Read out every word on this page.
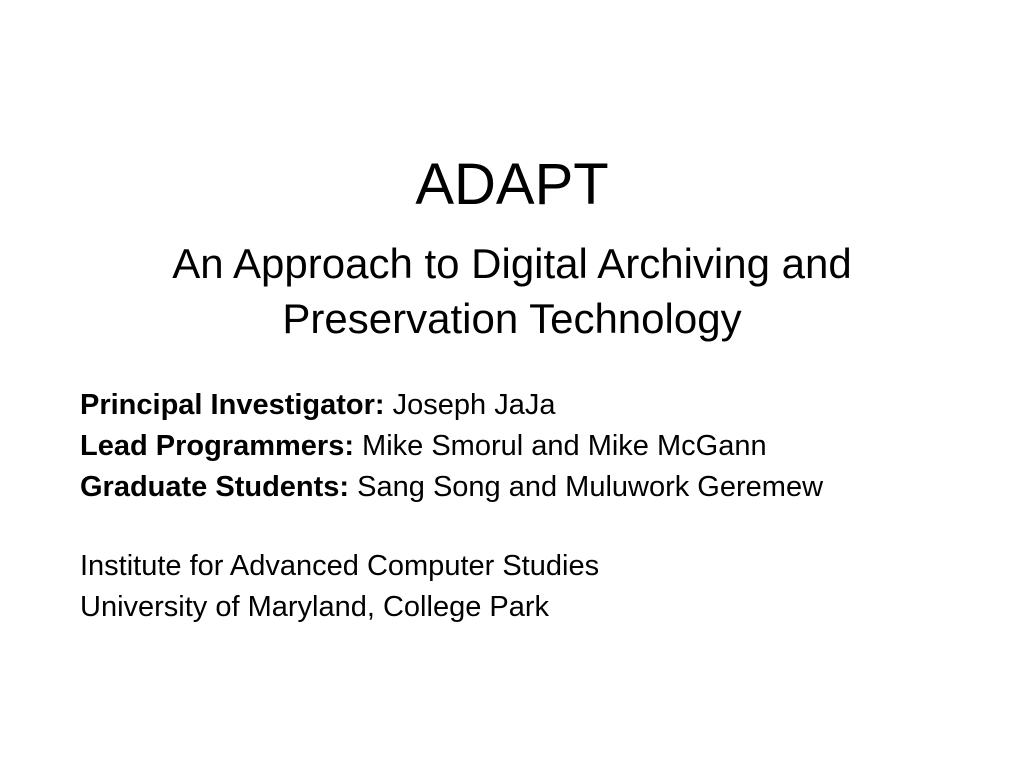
ADAPT
An Approach to Digital Archiving and
Preservation Technology
Principal Investigator: Joseph JaJa
Lead Programmers: Mike Smorul and Mike McGann
Graduate Students: Sang Song and Muluwork Geremew
Institute for Advanced Computer Studies
University of Maryland, College Park
